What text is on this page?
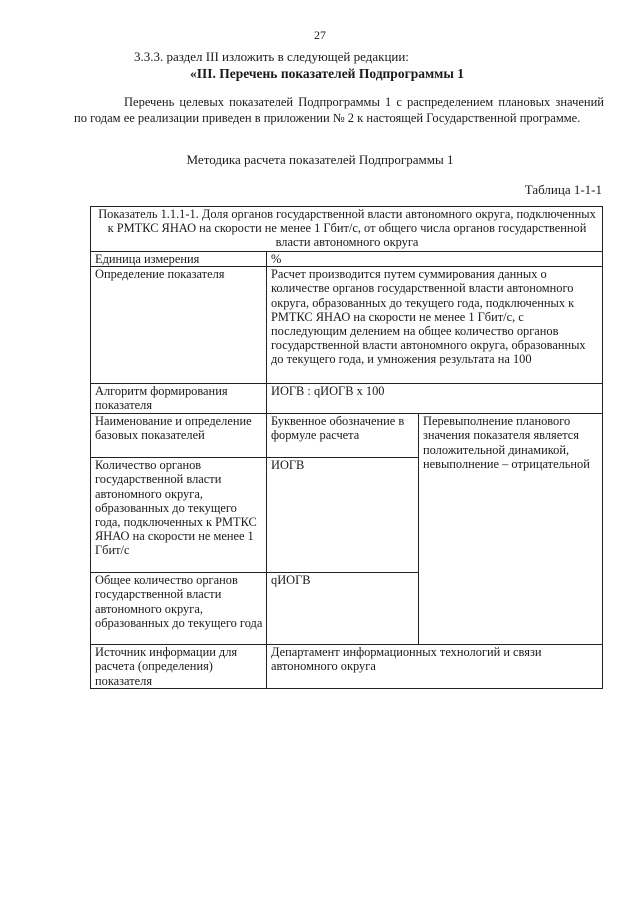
27
3.3.3. раздел III изложить в следующей редакции:
«III. Перечень показателей Подпрограммы 1

Перечень целевых показателей Подпрограммы 1 с распределением плановых значений по годам ее реализации приведен в приложении № 2 к настоящей Государственной программе.

Методика расчета показателей Подпрограммы 1
Таблица 1-1-1
Показатель 1.1.1-1. Доля органов государственной власти автономного округа, подключенных к РМТКС ЯНАО на скорости не менее 1 Гбит/с, от общего числа органов государственной власти автономного округа		
Единица измерения	%	
Определение показателя	Расчет производится путем суммирования данных о количестве органов государственной власти автономного округа, образованных до текущего года, подключенных к РМТКС ЯНАО на скорости не менее 1 Гбит/с, с последующим делением на общее количество органов государственной власти автономного округа, образованных до текущего года, и умножения результата на 100	
Алгоритм формирования показателя	ИОГВ : qИОГВ х 100	
Наименование и определение базовых показателей	Буквенное обозначение в формуле расчета	Перевыполнение планового значения показателя является положительной динамикой, невыполнение – отрицательной
Количество органов государственной власти автономного округа, образованных до текущего года, подключенных к РМТКС ЯНАО на скорости не менее 1 Гбит/с	ИОГВ	
Общее количество органов государственной власти автономного округа, образованных до текущего года	qИОГВ	
Источник информации для расчета (определения) показателя	Департамент информационных технологий и связи автономного округа	
